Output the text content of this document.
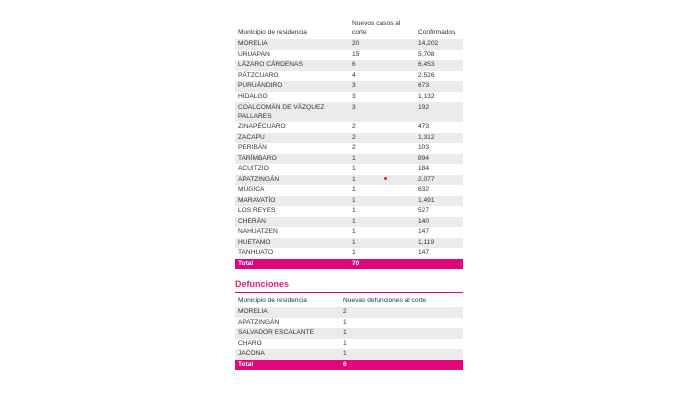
Municipio de residencia	Nuevos casos al corte	Confirmados
MORELIA	20	14,202
URUAPAN	15	5,708
LÁZARO CÁRDENAS	6	6,453
PÁTZCUARO	4	2,526
PURUÁNDIRO	3	673
HIDALGO	3	1,132
COALCOMÁN DE VÁZQUEZ PALLARES	3	192
ZINAPÉCUARO	2	473
ZACAPU	2	1,312
PERIBÁN	2	103
TARÍMBARO	1	894
ACUITZIO	1	184
APATZINGÁN	1	2,077
MÚGICA	1	632
MARAVATÍO	1	1,491
LOS REYES	1	527
CHERÁN	1	140
NAHUATZEN	1	147
HUETAMO	1	1,119
TANHUATO	1	147
Total	70	
Defunciones
Municipio de residencia	Nuevas defunciones al corte
MORELIA	2
APATZINGÁN	1
SALVADOR ESCALANTE	1
CHARO	1
JACONA	1
Total	6
